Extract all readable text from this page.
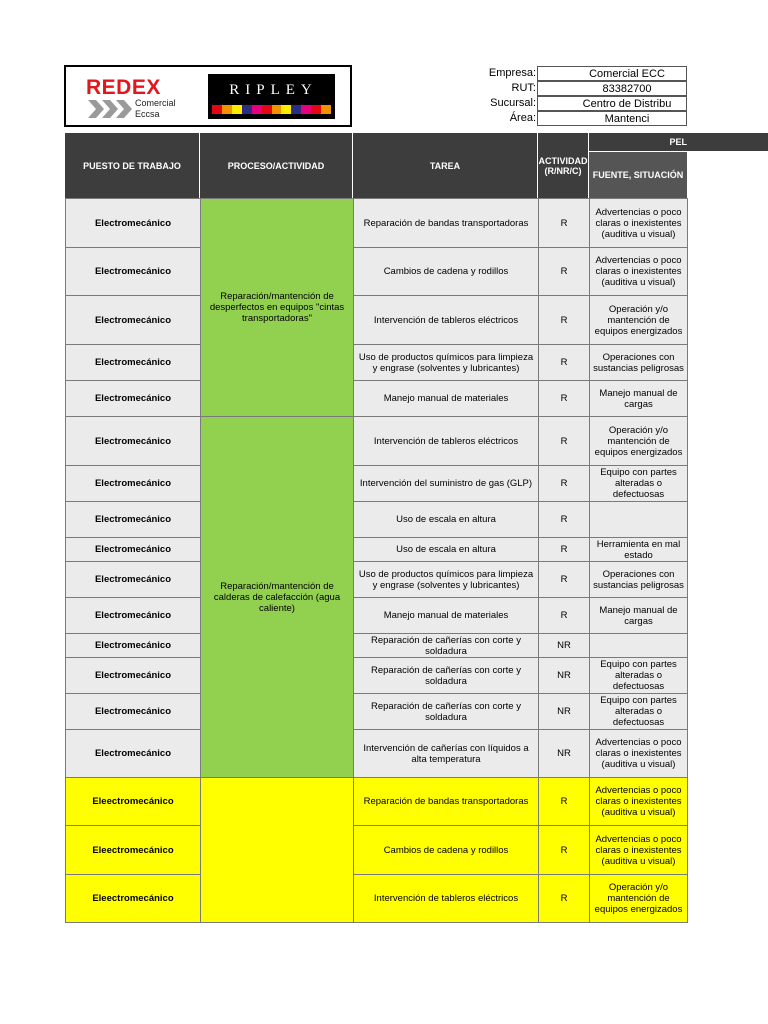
REDEX
Comercial
Eccsa
RIPLEY
Empresa:	Comercial ECC
RUT:	83382700
Sucursal:	Centro de Distribu
Área:	Mantenci
PUESTO DE TRABAJO	PROCESO/ACTIVIDAD	TAREA	ACTIVIDAD (R/NR/C)
PEL
FUENTE, SITUACIÓN
Electromecánico	Reparación/mantención de desperfectos en equipos "cintas transportadoras"	Reparación de bandas transportadoras	R	Advertencias o poco claras o inexistentes (auditiva u visual)
Electromecánico		Cambios de cadena y rodillos	R	Advertencias o poco claras o inexistentes (auditiva u visual)
Electromecánico		Intervención de tableros eléctricos	R	Operación y/o mantención de equipos energizados
Electromecánico		Uso de productos químicos para limpieza y engrase (solventes y lubricantes)	R	Operaciones con sustancias peligrosas
Electromecánico		Manejo manual de materiales	R	Manejo manual de cargas
Electromecánico	Reparación/mantención de calderas de calefacción (agua caliente)	Intervención de tableros eléctricos	R	Operación y/o mantención de equipos energizados
Electromecánico		Intervención del suministro de gas (GLP)	R	Equipo con partes alteradas o defectuosas
Electromecánico		Uso de escala en altura	R	
Electromecánico		Uso de escala en altura	R	Herramienta en mal estado
Electromecánico		Uso de productos químicos para limpieza y engrase (solventes y lubricantes)	R	Operaciones con sustancias peligrosas
Electromecánico		Manejo manual de materiales	R	Manejo manual de cargas
Electromecánico		Reparación de cañerías con corte y soldadura	NR	
Electromecánico		Reparación de cañerías con corte y soldadura	NR	Equipo con partes alteradas o defectuosas
Electromecánico		Reparación de cañerías con corte y soldadura	NR	Equipo con partes alteradas o defectuosas
Electromecánico		Intervención de cañerías con líquidos a alta temperatura	NR	Advertencias o poco claras o inexistentes (auditiva u visual)
Eleectromecánico		Reparación de bandas transportadoras	R	Advertencias o poco claras o inexistentes (auditiva u visual)
Eleectromecánico		Cambios de cadena y rodillos	R	Advertencias o poco claras o inexistentes (auditiva u visual)
Eleectromecánico		Intervención de tableros eléctricos	R	Operación y/o mantención de equipos energizados
